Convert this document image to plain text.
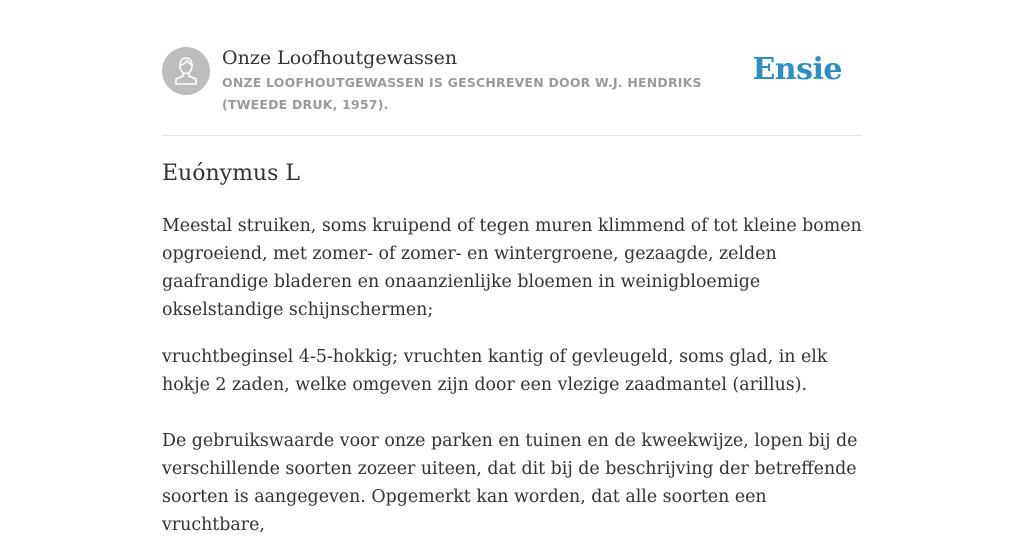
Onze Loofhoutgewassen
ONZE LOOFHOUTGEWASSEN IS GESCHREVEN DOOR W.J. HENDRIKS (TWEEDE DRUK, 1957).
Ensie
Euónymus L

Meestal struiken, soms kruipend of tegen muren klimmend of tot kleine bomen opgroeiend, met zomer- of zomer- en wintergroene, gezaagde, zelden gaafrandige bladeren en onaanzienlijke bloemen in weinigbloemige okselstandige schijnschermen;

vruchtbeginsel 4-5-hokkig; vruchten kantig of gevleugeld, soms glad, in elk hokje 2 zaden, welke omgeven zijn door een vlezige zaadmantel (arillus).

De gebruikswaarde voor onze parken en tuinen en de kweekwijze, lopen bij de verschillende soorten zozeer uiteen, dat dit bij de beschrijving der betreffende soorten is aangegeven. Opgemerkt kan worden, dat alle soorten een vruchtbare,
